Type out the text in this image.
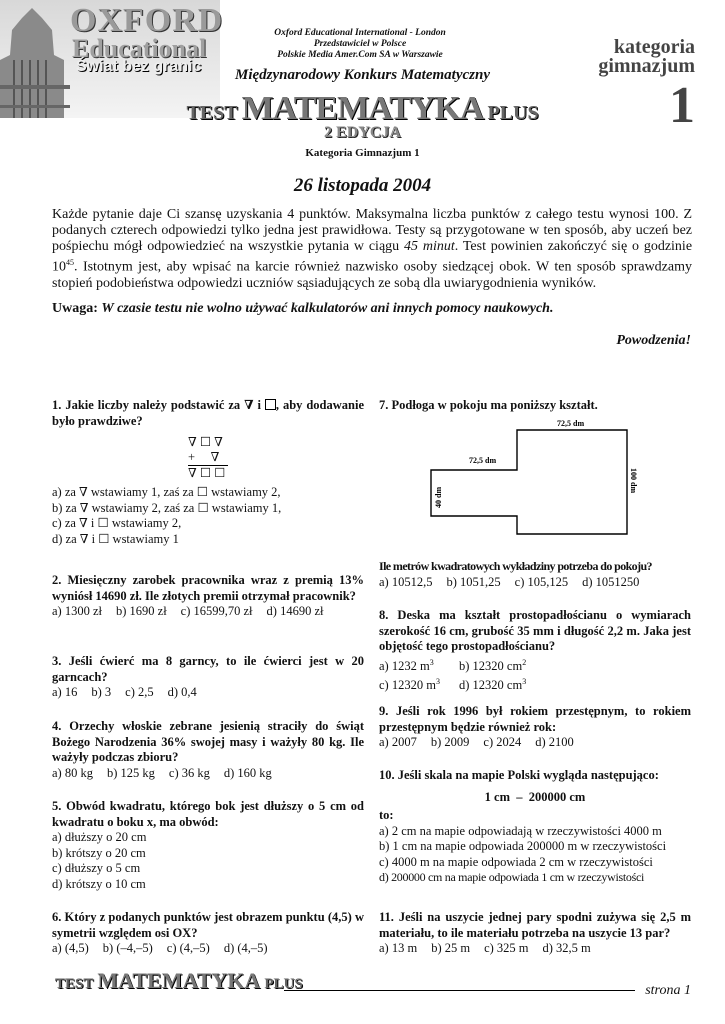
OXFORD
Educational
Świat bez granic
Oxford Educational International - London
Przedstawiciel w Polsce
Polskie Media Amer.Com SA w Warszawie	kategoria
gimnazjum
1
Międzynarodowy Konkurs Matematyczny
TEST MATEMATYKA PLUS
2 EDYCJA
Kategoria Gimnazjum 1
26 listopada 2004
Każde pytanie daje Ci szansę uzyskania 4 punktów. Maksymalna liczba punktów z całego testu wynosi 100. Z podanych czterech odpowiedzi tylko jedna jest prawidłowa. Testy są przygotowane w ten sposób, aby uczeń bez pośpiechu mógł odpowiedzieć na wszystkie pytania w ciągu 45 minut. Test powinien zakończyć się o godzinie $10^{45}$. Istotnym jest, aby wpisać na karcie również nazwisko osoby siedzącej obok. W ten sposób sprawdzamy stopień podobieństwa odpowiedzi uczniów sąsiadujących ze sobą dla uwiarygodnienia wyników.
Uwaga: W czasie testu nie wolno używać kalkulatorów ani innych pomocy naukowych.
Powodzenia!
1. Jakie liczby należy podstawić za ∇ i , aby dodawanie było prawdziwe?
∇ ☐ ∇
+     ∇
∇ ☐ ☐
a) za ∇ wstawiamy 1, zaś za ☐ wstawiamy 2,
b) za ∇ wstawiamy 2, zaś za ☐ wstawiamy 1,
c) za ∇ i ☐ wstawiamy 2,
d) za ∇ i ☐ wstawiamy 1
2. Miesięczny zarobek pracownika wraz z premią 13% wyniósł 14690 zł. Ile złotych premii otrzymał pracownik?
a) 1300 zł b) 1690 zł c) 16599,70 zł d) 14690 zł
3. Jeśli ćwierć ma 8 garncy, to ile ćwierci jest w 20 garncach?
a) 16 b) 3 c) 2,5 d) 0,4
4. Orzechy włoskie zebrane jesienią straciły do świąt Bożego Narodzenia 36% swojej masy i ważyły 80 kg. Ile ważyły podczas zbioru?
a) 80 kg b) 125 kg c) 36 kg d) 160 kg
5. Obwód kwadratu, którego bok jest dłuższy o 5 cm od kwadratu o boku x, ma obwód:
a) dłuższy o 20 cm
b) krótszy o 20 cm
c) dłuższy o 5 cm
d) krótszy o 10 cm
6. Który z podanych punktów jest obrazem punktu (4,5) w symetrii względem osi OX?
a) (4,5) b) (–4,–5) c) (4,–5) d) (4,–5)
7. Podłoga w pokoju ma poniższy kształt.
72,5 dm
72,5 dm
40 dm
100 dm
Ile metrów kwadratowych wykładziny potrzeba do pokoju?
a) 10512,5 b) 1051,25 c) 105,125 d) 1051250
8. Deska ma kształt prostopadłościanu o wymiarach szerokość 16 cm, grubość 35 mm i długość 2,2 m. Jaka jest objętość tego prostopadłościanu?
a) 1232 $m^3$ b) 12320 $cm^2$
c) 12320 $m^3$ d) 12320 $cm^3$
9. Jeśli rok 1996 był rokiem przestępnym, to rokiem przestępnym będzie również rok:
a) 2007 b) 2009 c) 2024 d) 2100
10. Jeśli skala na mapie Polski wygląda następująco:
1 cm  –  200000 cm
to:
a) 2 cm na mapie odpowiadają w rzeczywistości 4000 m
b) 1 cm na mapie odpowiada 200000 m w rzeczywistości
c) 4000 m na mapie odpowiada 2 cm w rzeczywistości
d) 200000 cm na mapie odpowiada 1 cm w rzeczywistości
11. Jeśli na uszycie jednej pary spodni zużywa się 2,5 m materiału, to ile materiału potrzeba na uszycie 13 par?
a) 13 m b) 25 m c) 325 m d) 32,5 m
TEST MATEMATYKA PLUS	strona 1
